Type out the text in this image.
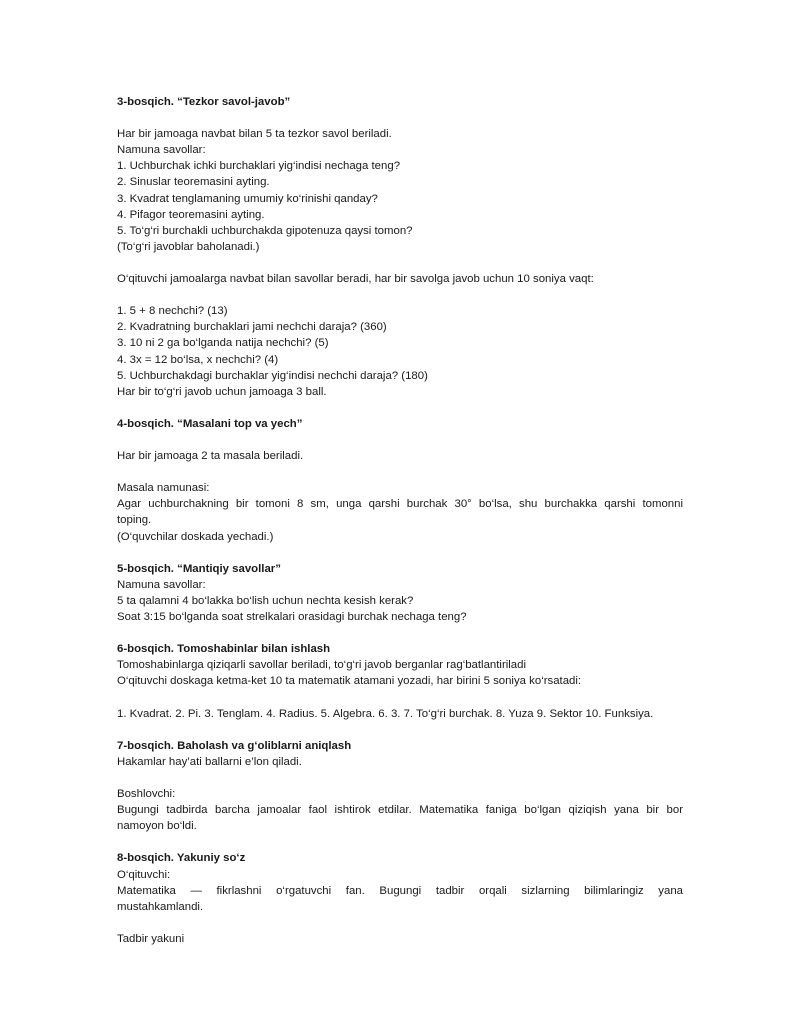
3-bosqich. “Tezkor savol-javob”
Har bir jamoaga navbat bilan 5 ta tezkor savol beriladi.
Namuna savollar:
1. Uchburchak ichki burchaklari yig‘indisi nechaga teng?
2. Sinuslar teoremasini ayting.
3. Kvadrat tenglamaning umumiy ko‘rinishi qanday?
4. Pifagor teoremasini ayting.
5. To‘g‘ri burchakli uchburchakda gipotenuza qaysi tomon?
(To‘g‘ri javoblar baholanadi.)
O‘qituvchi jamoalarga navbat bilan savollar beradi, har bir savolga javob uchun 10 soniya vaqt:
1. 5 + 8 nechchi? (13)
2. Kvadratning burchaklari jami nechchi daraja? (360)
3. 10 ni 2 ga bo‘lganda natija nechchi? (5)
4. 3x = 12 bo‘lsa, x nechchi? (4)
5. Uchburchakdagi burchaklar yig‘indisi nechchi daraja? (180)
Har bir to‘g‘ri javob uchun jamoaga 3 ball.
4-bosqich. “Masalani top va yech”
Har bir jamoaga 2 ta masala beriladi.
Masala namunasi:
Agar uchburchakning bir tomoni 8 sm, unga qarshi burchak 30° bo‘lsa, shu burchakka qarshi tomonni
toping.
(O‘quvchilar doskada yechadi.)
5-bosqich. “Mantiqiy savollar”
Namuna savollar:
5 ta qalamni 4 bo‘lakka bo‘lish uchun nechta kesish kerak?
Soat 3:15 bo‘lganda soat strelkalari orasidagi burchak nechaga teng?
6-bosqich. Tomoshabinlar bilan ishlash
Tomoshabinlarga qiziqarli savollar beriladi, to‘g‘ri javob berganlar rag‘batlantiriladi
O‘qituvchi doskaga ketma-ket 10 ta matematik atamani yozadi, har birini 5 soniya ko‘rsatadi:
1. Kvadrat. 2. Pi. 3. Tenglam. 4. Radius. 5. Algebra. 6. 3. 7. To‘g‘ri burchak. 8. Yuza 9. Sektor 10. Funksiya.
7-bosqich. Baholash va g‘oliblarni aniqlash
Hakamlar hay’ati ballarni e’lon qiladi.
Boshlovchi:
Bugungi tadbirda barcha jamoalar faol ishtirok etdilar. Matematika faniga bo‘lgan qiziqish yana bir bor
namoyon bo‘ldi.
8-bosqich. Yakuniy so‘z
O‘qituvchi:
Matematika — fikrlashni o‘rgatuvchi fan. Bugungi tadbir orqali sizlarning bilimlaringiz yana
mustahkamlandi.
Tadbir yakuni
